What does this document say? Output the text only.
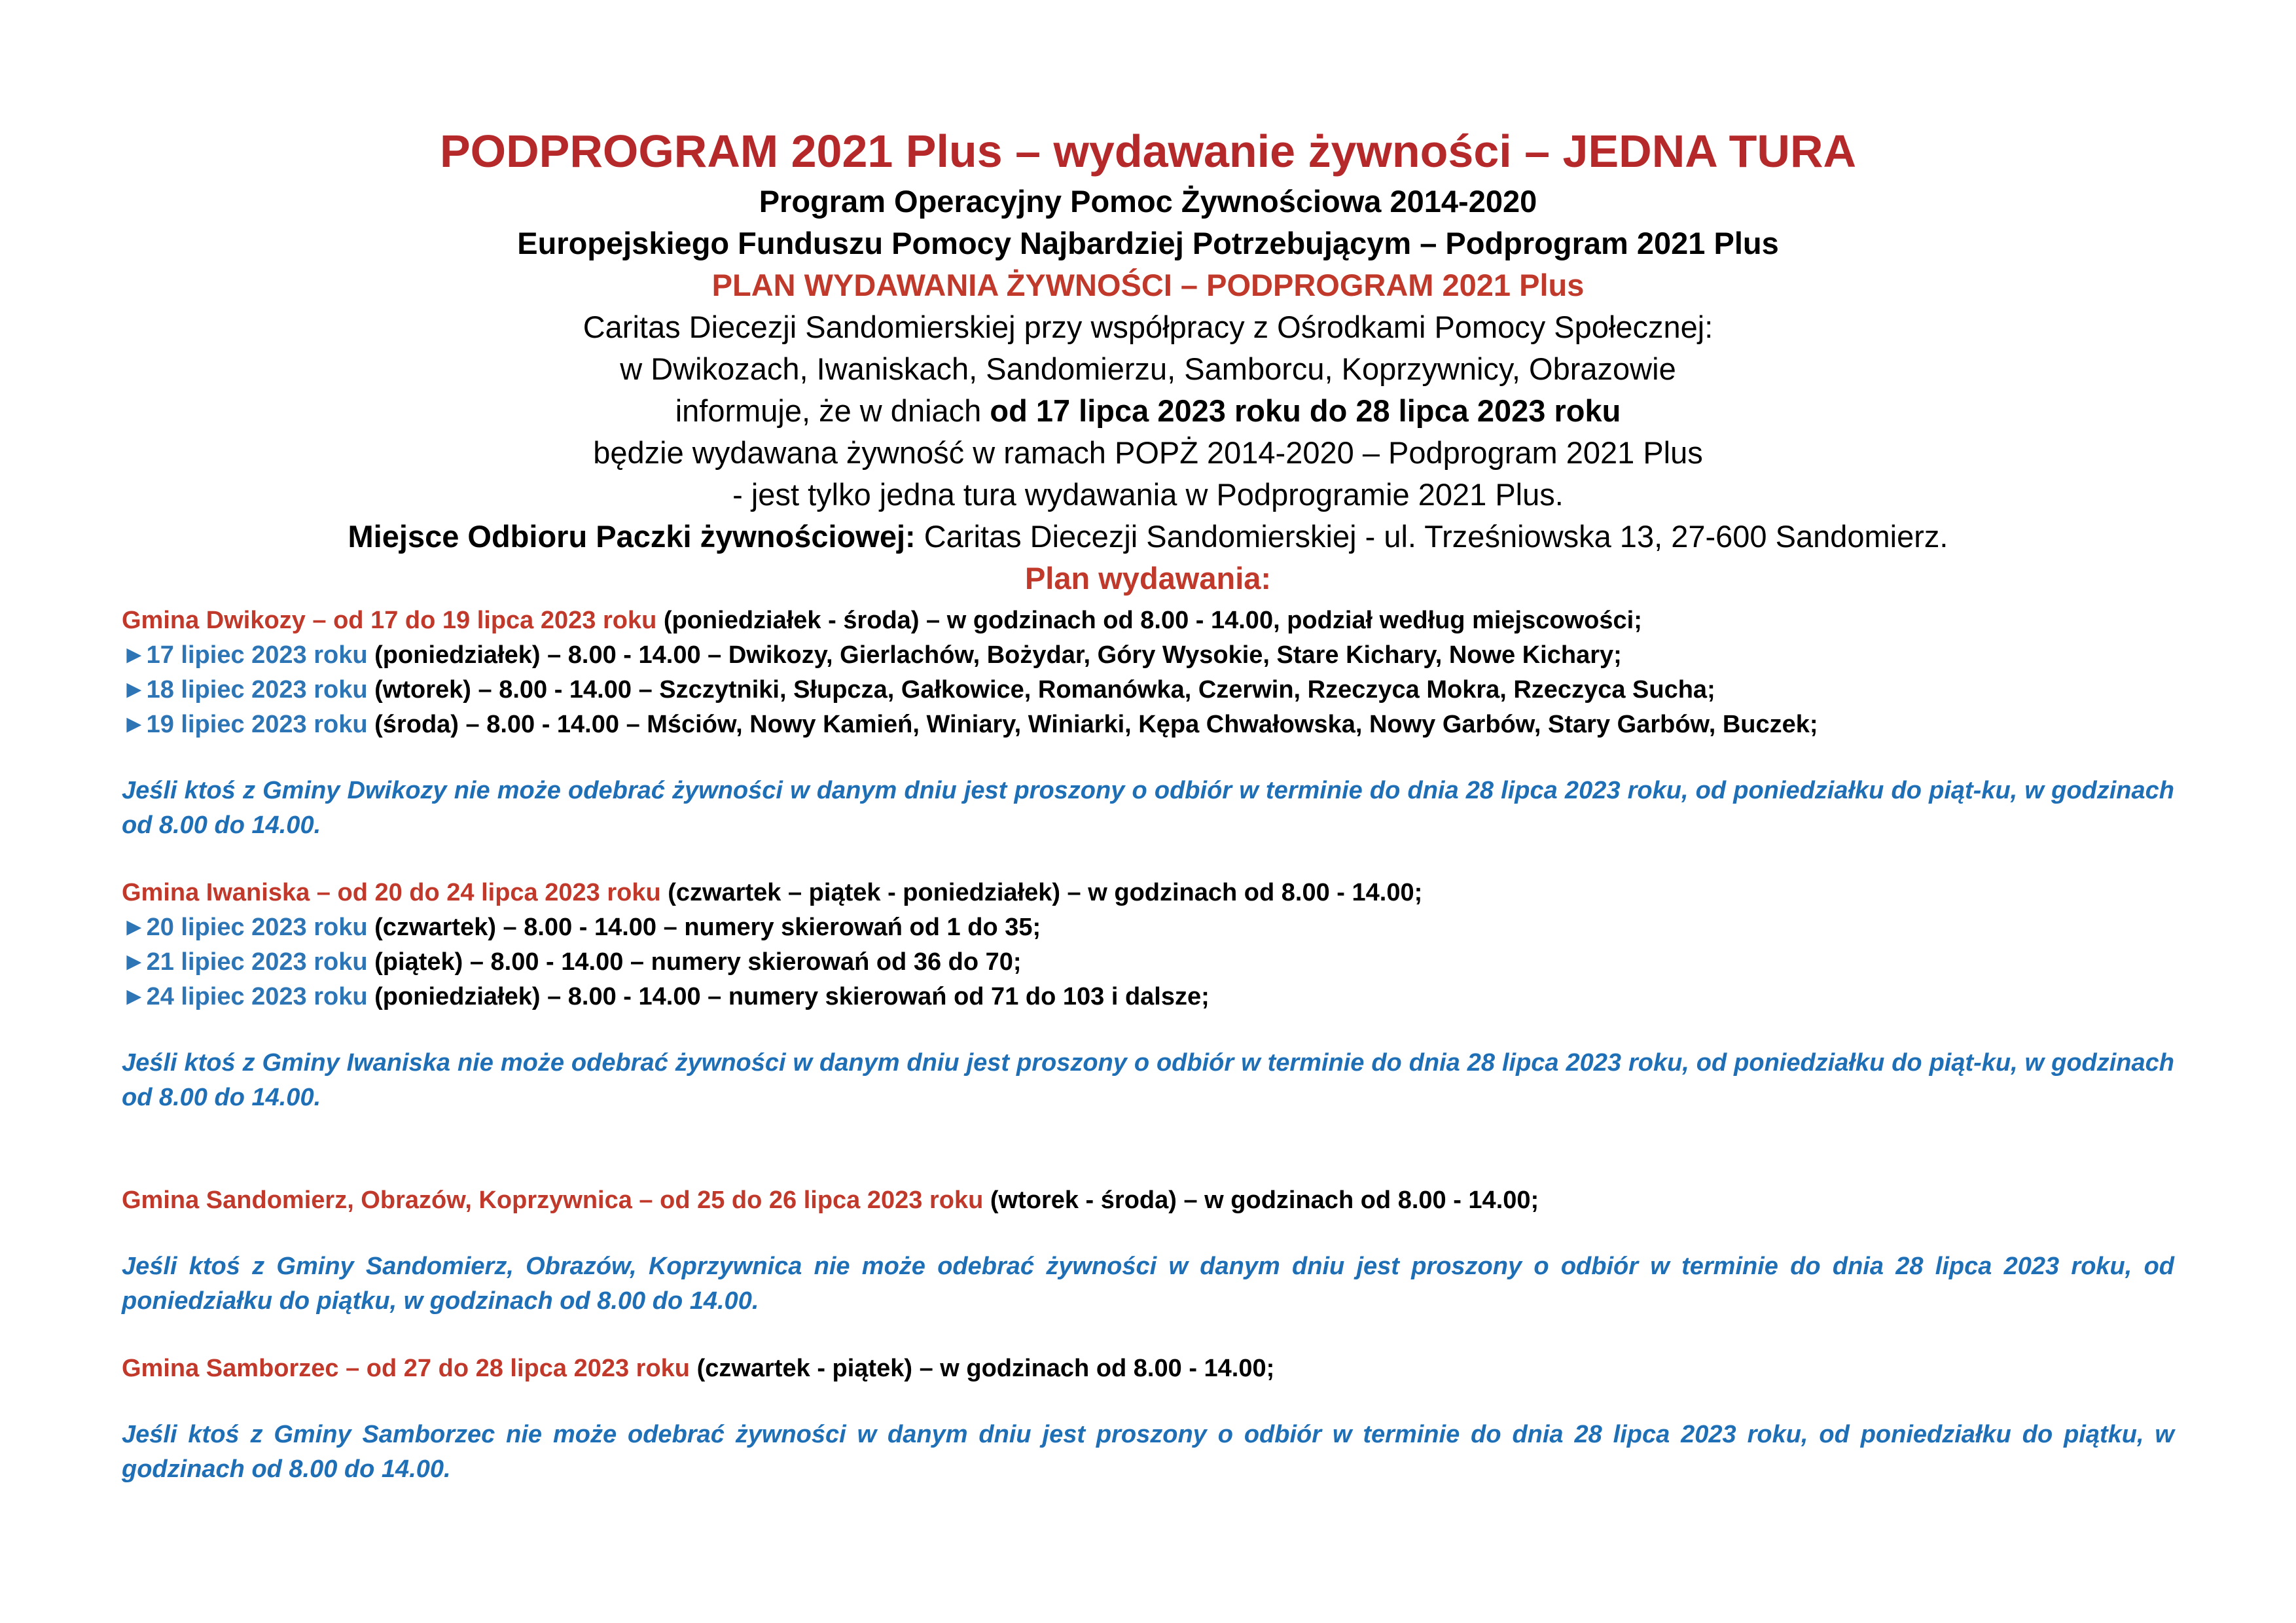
PODPROGRAM 2021 Plus – wydawanie żywności – JEDNA TURA
Program Operacyjny Pomoc Żywnościowa 2014-2020
Europejskiego Funduszu Pomocy Najbardziej Potrzebującym – Podprogram 2021 Plus
PLAN WYDAWANIA ŻYWNOŚCI – PODPROGRAM 2021 Plus
Caritas Diecezji Sandomierskiej przy współpracy z Ośrodkami Pomocy Społecznej:
w Dwikozach, Iwaniskach, Sandomierzu, Samborcu, Koprzywnicy, Obrazowie
informuje, że w dniach od 17 lipca 2023 roku do 28 lipca 2023 roku
będzie wydawana żywność w ramach POPŻ 2014-2020 – Podprogram 2021 Plus
- jest tylko jedna tura wydawania w Podprogramie 2021 Plus.
Miejsce Odbioru Paczki żywnościowej: Caritas Diecezji Sandomierskiej - ul. Trześniowska 13, 27-600 Sandomierz.
Plan wydawania:
Gmina Dwikozy – od 17 do 19 lipca 2023 roku (poniedziałek - środa) – w godzinach od 8.00 - 14.00, podział według miejscowości;
►17 lipiec 2023 roku (poniedziałek) – 8.00 - 14.00 – Dwikozy, Gierlachów, Bożydar, Góry Wysokie, Stare Kichary, Nowe Kichary;
►18 lipiec 2023 roku (wtorek) – 8.00 - 14.00 – Szczytniki, Słupcza, Gałkowice, Romanówka, Czerwin, Rzeczyca Mokra, Rzeczyca Sucha;
►19 lipiec 2023 roku (środa) – 8.00 - 14.00 – Mściów, Nowy Kamień, Winiary, Winiarki, Kępa Chwałowska, Nowy Garbów, Stary Garbów, Buczek;
Jeśli ktoś z Gminy Dwikozy nie może odebrać żywności w danym dniu jest proszony o odbiór w terminie do dnia 28 lipca 2023 roku, od poniedziałku do piąt-ku, w godzinach od 8.00 do 14.00.
Gmina Iwaniska – od 20 do 24 lipca 2023 roku (czwartek – piątek - poniedziałek) – w godzinach od 8.00 - 14.00;
►20 lipiec 2023 roku (czwartek) – 8.00 - 14.00 – numery skierowań od 1 do 35;
►21 lipiec 2023 roku (piątek) – 8.00 - 14.00 – numery skierowań od 36 do 70;
►24 lipiec 2023 roku (poniedziałek) – 8.00 - 14.00 – numery skierowań od 71 do 103 i dalsze;
Jeśli ktoś z Gminy Iwaniska nie może odebrać żywności w danym dniu jest proszony o odbiór w terminie do dnia 28 lipca 2023 roku, od poniedziałku do piąt-ku, w godzinach od 8.00 do 14.00.
Gmina Sandomierz, Obrazów, Koprzywnica – od 25 do 26 lipca 2023 roku (wtorek - środa) – w godzinach od 8.00 - 14.00;
Jeśli ktoś z Gminy Sandomierz, Obrazów, Koprzywnica nie może odebrać żywności w danym dniu jest proszony o odbiór w terminie do dnia 28 lipca 2023 roku, od poniedziałku do piątku, w godzinach od 8.00 do 14.00.
Gmina Samborzec – od 27 do 28 lipca 2023 roku (czwartek - piątek) – w godzinach od 8.00 - 14.00;
Jeśli ktoś z Gminy Samborzec nie może odebrać żywności w danym dniu jest proszony o odbiór w terminie do dnia 28 lipca 2023 roku, od poniedziałku do piątku, w godzinach od 8.00 do 14.00.
